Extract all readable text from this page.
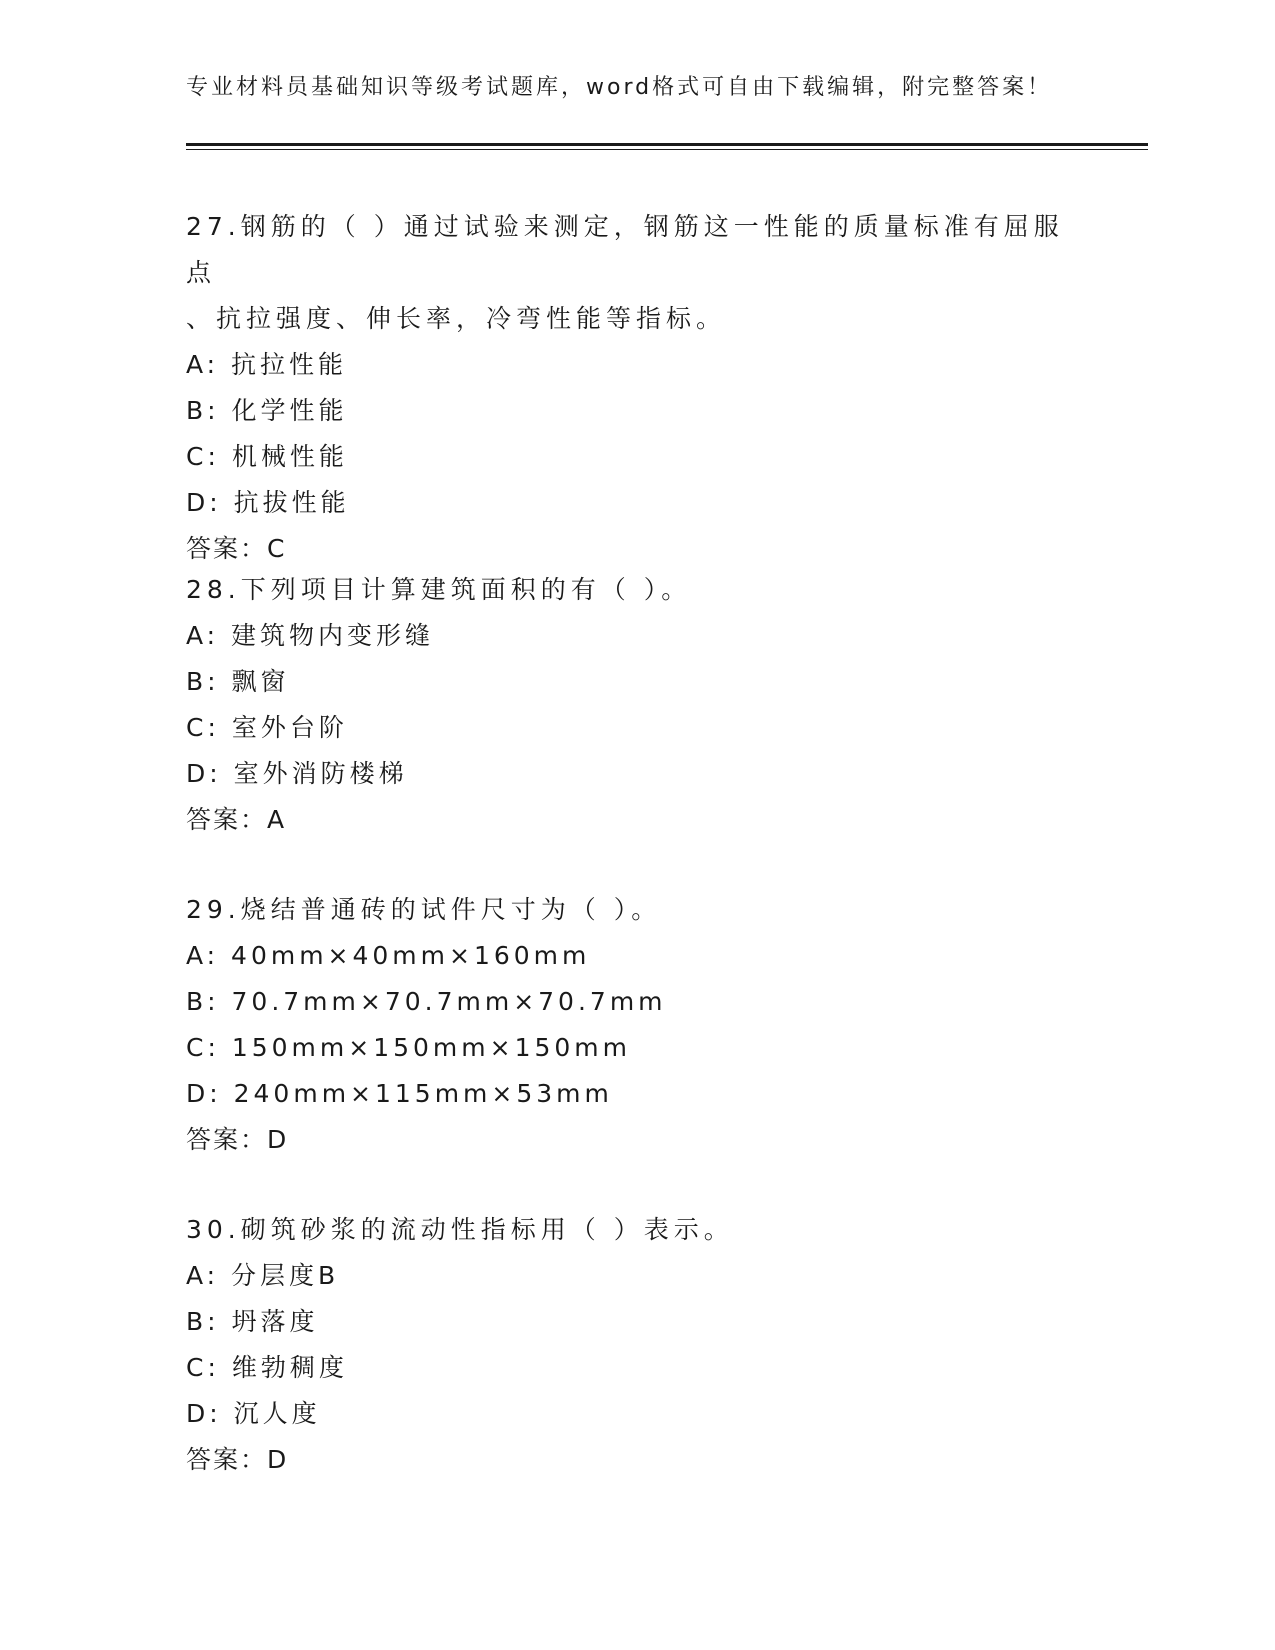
专业材料员基础知识等级考试题库，word格式可自由下载编辑，附完整答案！

27.钢筋的（ ）通过试验来测定，钢筋这一性能的质量标准有屈服点

、抗拉强度、伸长率，冷弯性能等指标。

A: 抗拉性能

B: 化学性能

C: 机械性能

D: 抗拔性能

答案：C

28.下列项目计算建筑面积的有（ ）。

A: 建筑物内变形缝

B: 飘窗

C: 室外台阶

D: 室外消防楼梯

答案：A

29.烧结普通砖的试件尺寸为（ ）。

A: 40mm×40mm×160mm

B: 70.7mm×70.7mm×70.7mm

C: 150mm×150mm×150mm

D: 240mm×115mm×53mm

答案：D

30.砌筑砂浆的流动性指标用（ ）表示。

A: 分层度B

B: 坍落度

C: 维勃稠度

D: 沉人度

答案：D
